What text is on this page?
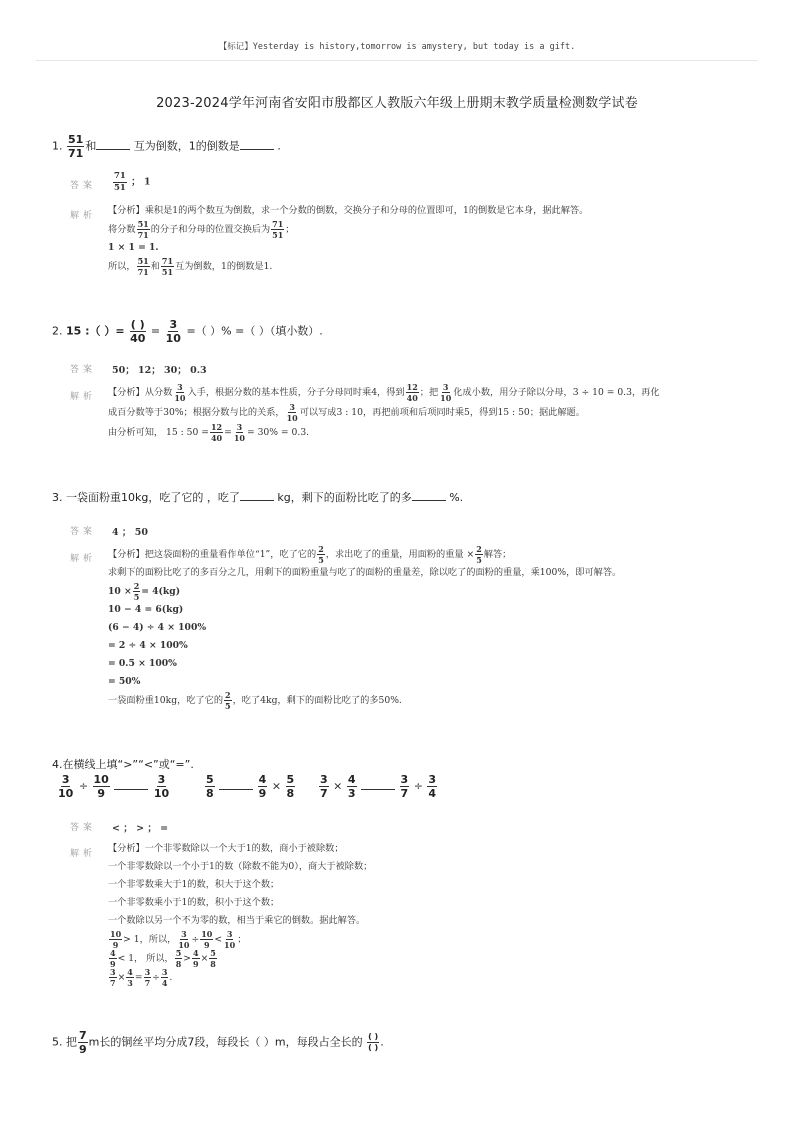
【标记】Yesterday is history,tomorrow is amystery, but today is a gift.
2023-2024学年河南省安阳市殷都区人教版六年级上册期末教学质量检测数学试卷
1. $\frac{51}{71}$ 和	互为倒数，1的倒数是	.
答案 $\frac{71}{51}$ ； 1
解析 【分析】乘积是1的两个数互为倒数，求一个分数的倒数，交换分子和分母的位置即可，1的倒数是它本身，据此解答。
将分数 $\frac{51}{71}$ 的分子和分母的位置交换后为 $\frac{71}{51}$ ；
1 × 1 = 1.
所以， $\frac{51}{71}$ 和 $\frac{71}{51}$ 互为倒数，1的倒数是1.
2. 15 :（ ）= $\frac{( )}{40} = \frac{3}{10}$ =（ ）% =（ ）（填小数）.
答案 50； 12； 30； 0.3
解析 【分析】从分数 $\frac{3}{10}$ 入手，根据分数的基本性质，分子分母同时乘4，得到 $\frac{12}{40}$ ；把 $\frac{3}{10}$ 化成小数，用分子除以分母，3 ÷ 10 = 0.3，再化
成百分数等于30%；根据分数与比的关系， $\frac{3}{10}$ 可以写成3 : 10，再把前项和后项同时乘5，得到15 : 50；据此解题。
由分析可知， 15 : $50 = \frac{12}{40} = \frac{3}{10} = 30\% = 0.3$.
3. 一袋面粉重10kg，吃了它的 ，吃了	kg，剩下的面粉比吃了的多	%.
答案 4 ； 50
解析 【分析】把这袋面粉的重量看作单位“1”，吃了它的 $\frac{2}{5}$ ，求出吃了的重量，用面粉的重量 × $\frac{2}{5}$ 解答；
求剩下的面粉比吃了的多百分之几，用剩下的面粉重量与吃了的面粉的重量差，除以吃了的面粉的重量，乘100%，即可解答。
$10 \times \frac{2}{5} = 4(kg)$
10 − 4 = 6(kg)
(6 − 4) ÷ 4 × 100%
= 2 ÷ 4 × 100%
= 0.5 × 100%
= 50%
一袋面粉重10kg，吃了它的 $\frac{2}{5}$ ，吃了4kg，剩下的面粉比吃了的多50%.
4.在横线上填“>”“<”或“=”.
$\frac{3}{10} \div \frac{10}{9}$
	$\frac{3}{10}$	$\frac{5}{8}$
	$\frac{4}{9} \times \frac{5}{8} \frac{3}{7} \times \frac{4}{3}$
	$\frac{3}{7} \div \frac{3}{4}$
答案 < ； > ； =
解析 【分析】一个非零数除以一个大于1的数，商小于被除数；
一个非零数除以一个小于1的数（除数不能为0），商大于被除数；
一个非零数乘大于1的数，积大于这个数；
一个非零数乘小于1的数，积小于这个数；
一个数除以另一个不为零的数，相当于乘它的倒数。据此解答。
$\frac{10}{9} > 1$，所以， $\frac{3}{10} \div \frac{10}{9} < \frac{3}{10}$ ；
$\frac{4}{9} < 1$， 所以， $\frac{5}{8} > \frac{4}{9} \times \frac{5}{8}$
$\frac{3}{7} \times \frac{4}{3} = \frac{3}{7} \div \frac{3}{4}$ .
5. 把 $\frac{7}{9}$ m长的铜丝平均分成7段，每段长（ ）m，每段占全长的 $\frac{( )}{( )}$ .
